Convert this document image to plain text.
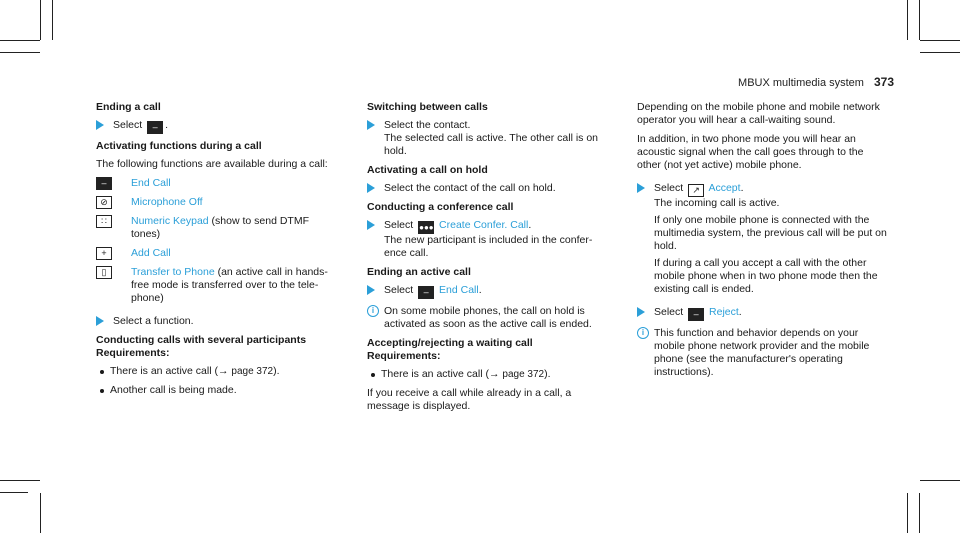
MBUX multimedia system 373
Ending a call
Select – .
Activating functions during a call

The following functions are available during a call:

–	End Call
⊘	Microphone Off
∷	Numeric Keypad (show to send DTMF tones)
+	Add Call
▯	Transfer to Phone (an active call in hands-free mode is transferred over to the telephone)
Select a function.
Conducting calls with several participants
Requirements:
There is an active call (→ page 372).
Another call is being made.
Switching between calls
Select the contact.
The selected call is active. The other call is on hold.
Activating a call on hold
Select the contact of the call on hold.
Conducting a conference call
Select ●●● Create Confer. Call.
The new participant is included in the conference call.
Ending an active call
Select – End Call.
i On some mobile phones, the call on hold is activated as soon as the active call is ended.
Accepting/rejecting a waiting call
Requirements:
There is an active call (→ page 372).

If you receive a call while already in a call, a message is displayed.

Depending on the mobile phone and mobile network operator you will hear a call-waiting sound.

In addition, in two phone mode you will hear an acoustic signal when the call goes through to the other (not yet active) mobile phone.

Select ↗ Accept.
The incoming call is active.
If only one mobile phone is connected with the multimedia system, the previous call will be put on hold.
If during a call you accept a call with the other mobile phone when in two phone mode then the existing call is ended.
Select – Reject.
i This function and behavior depends on your mobile phone network provider and the mobile phone (see the manufacturer's operating instructions).
